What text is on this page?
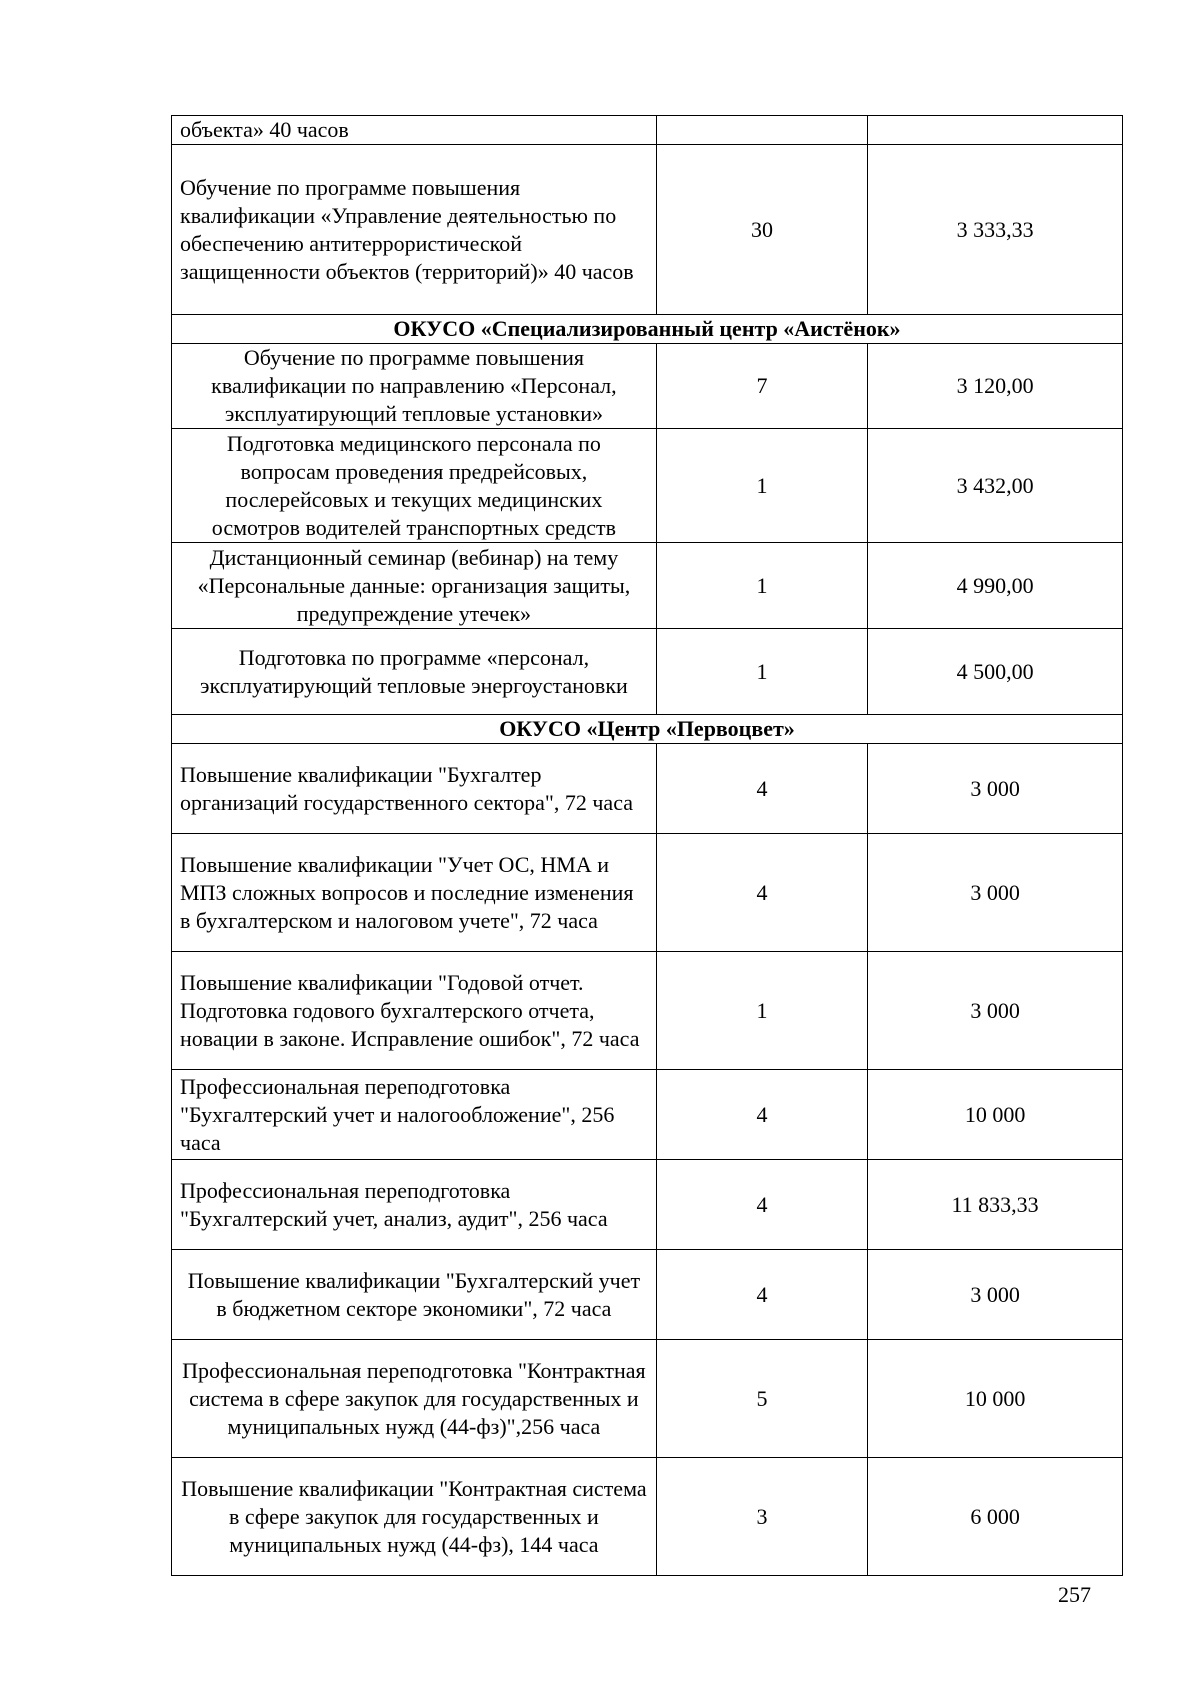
объекта» 40 часов		
Обучение по программе повышения квалификации «Управление деятельностью по обеспечению антитеррористической защищенности объектов (территорий)» 40 часов	30	3 333,33
ОКУСО «Специализированный центр «Аистёнок»		
Обучение по программе повышения квалификации по направлению «Персонал, эксплуатирующий тепловые установки»	7	3 120,00
Подготовка медицинского персонала по вопросам проведения предрейсовых, послерейсовых и текущих медицинских осмотров водителей транспортных средств	1	3 432,00
Дистанционный семинар (вебинар) на тему «Персональные данные: организация защиты, предупреждение утечек»	1	4 990,00
Подготовка по программе «персонал, эксплуатирующий тепловые энергоустановки	1	4 500,00
ОКУСО «Центр «Первоцвет»		
Повышение квалификации "Бухгалтер организаций государственного сектора", 72 часа	4	3 000
Повышение квалификации "Учет ОС, НМА и МПЗ сложных вопросов и последние изменения в бухгалтерском и налоговом учете", 72 часа	4	3 000
Повышение квалификации "Годовой отчет. Подготовка годового бухгалтерского отчета, новации в законе. Исправление ошибок", 72 часа	1	3 000
Профессиональная переподготовка "Бухгалтерский учет и налогообложение", 256 часа	4	10 000
Профессиональная переподготовка "Бухгалтерский учет, анализ, аудит", 256 часа	4	11 833,33
Повышение квалификации "Бухгалтерский учет в бюджетном секторе экономики", 72 часа	4	3 000
Профессиональная переподготовка "Контрактная система в сфере закупок для государственных и муниципальных нужд (44-фз)",256 часа	5	10 000
Повышение квалификации "Контрактная система в сфере закупок для государственных и муниципальных нужд (44-фз), 144 часа	3	6 000
257
